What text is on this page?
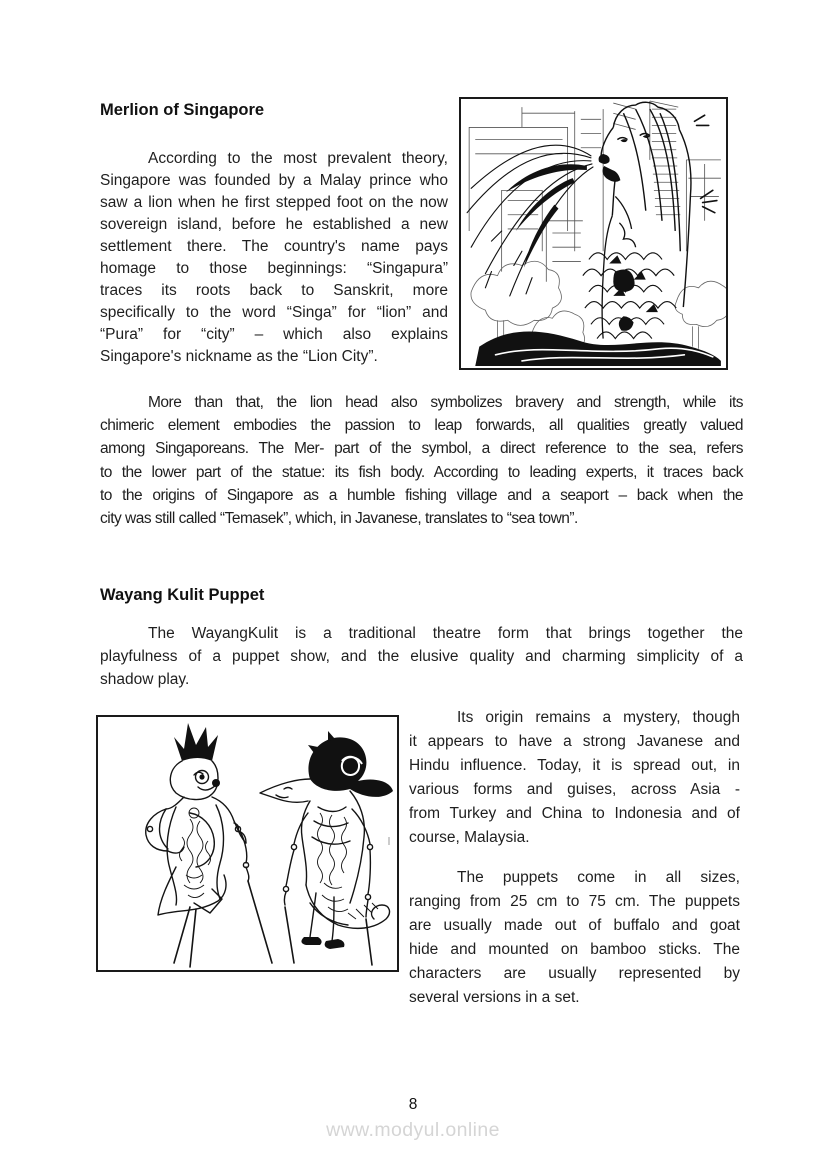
Merlion of Singapore
According to the most prevalent theory,
Singapore was founded by a Malay prince who
saw a lion when he first stepped foot on the now
sovereign island, before he established a new
settlement there. The country's name pays
homage to those beginnings: “Singapura”
traces its roots back to Sanskrit, more
specifically to the word “Singa” for “lion” and
“Pura” for “city” – which also explains
Singapore's nickname as the “Lion City”.
More than that, the lion head also symbolizes bravery and strength, while its
chimeric element embodies the passion to leap forwards, all qualities greatly valued
among Singaporeans. The Mer- part of the symbol, a direct reference to the sea, refers
to the lower part of the statue: its fish body. According to leading experts, it traces back
to the origins of Singapore as a humble fishing village and a seaport – back when the
city was still called “Temasek”, which, in Javanese, translates to “sea town”.
Wayang Kulit Puppet
The WayangKulit is a traditional theatre form that brings together the
playfulness of a puppet show, and the elusive quality and charming simplicity of a
shadow play.
Its origin remains a mystery, though
it appears to have a strong Javanese and
Hindu influence. Today, it is spread out, in
various forms and guises, across Asia -
from Turkey and China to Indonesia and of
course, Malaysia.
The puppets come in all sizes,
ranging from 25 cm to 75 cm. The puppets
are usually made out of buffalo and goat
hide and mounted on bamboo sticks. The
characters are usually represented by
several versions in a set.
8
www.modyul.online
